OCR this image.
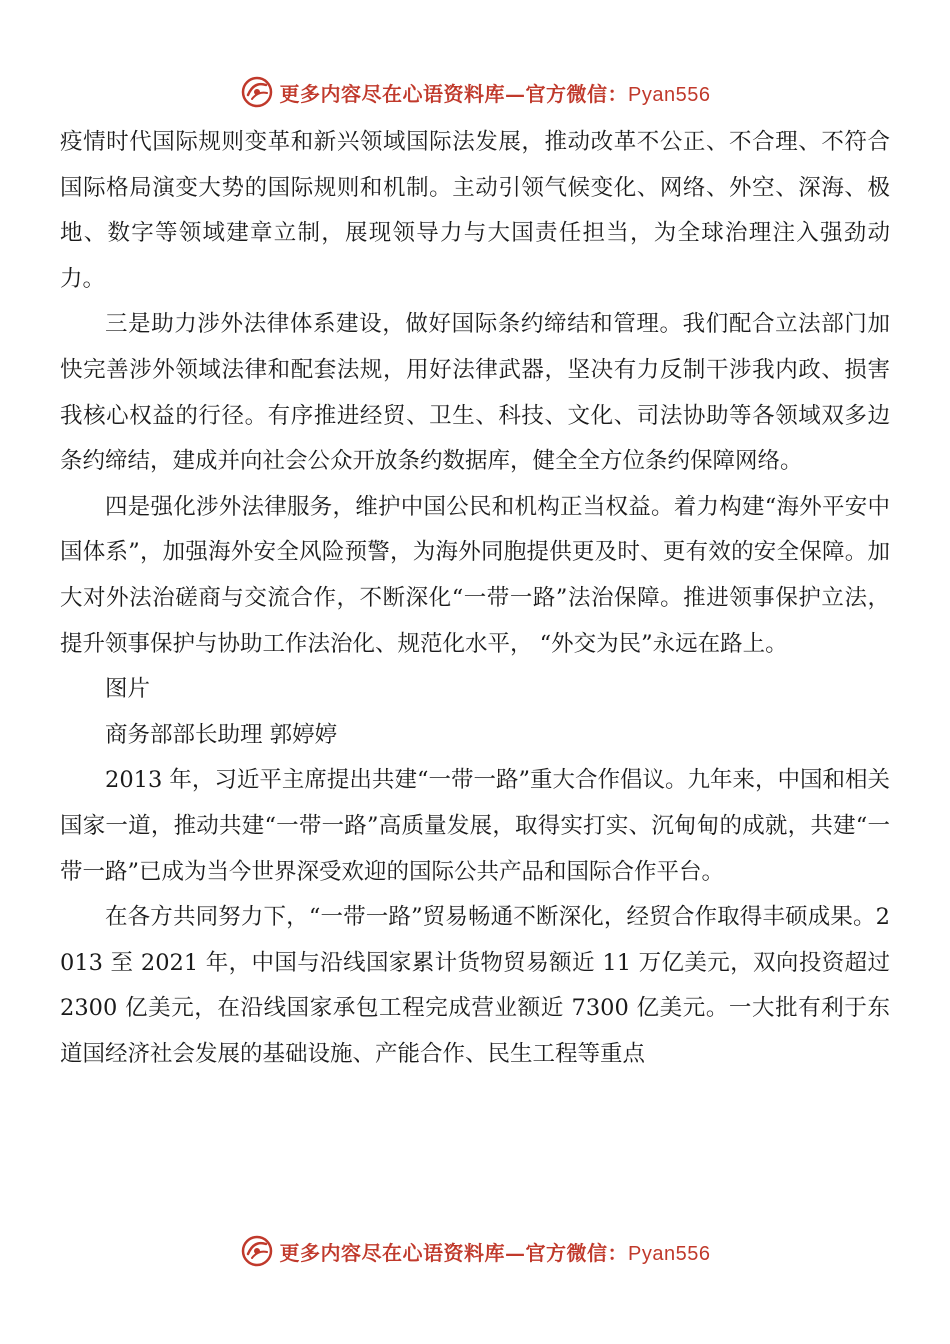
更多内容尽在心语资料库—官方微信：Pyan556

疫情时代国际规则变革和新兴领域国际法发展，推动改革不公正、不合理、不符合国际格局演变大势的国际规则和机制。主动引领气候变化、网络、外空、深海、极地、数字等领域建章立制，展现领导力与大国责任担当，为全球治理注入强劲动力。

三是助力涉外法律体系建设，做好国际条约缔结和管理。我们配合立法部门加快完善涉外领域法律和配套法规，用好法律武器，坚决有力反制干涉我内政、损害我核心权益的行径。有序推进经贸、卫生、科技、文化、司法协助等各领域双多边条约缔结，建成并向社会公众开放条约数据库，健全全方位条约保障网络。

四是强化涉外法律服务，维护中国公民和机构正当权益。着力构建“海外平安中国体系”，加强海外安全风险预警，为海外同胞提供更及时、更有效的安全保障。加大对外法治磋商与交流合作，不断深化“一带一路”法治保障。推进领事保护立法，提升领事保护与协助工作法治化、规范化水平， “外交为民”永远在路上。

图片

商务部部长助理 郭婷婷

2013 年，习近平主席提出共建“一带一路”重大合作倡议。九年来，中国和相关国家一道，推动共建“一带一路”高质量发展，取得实打实、沉甸甸的成就，共建“一带一路”已成为当今世界深受欢迎的国际公共产品和国际合作平台。

在各方共同努力下，“一带一路”贸易畅通不断深化，经贸合作取得丰硕成果。2013 至 2021 年，中国与沿线国家累计货物贸易额近 11 万亿美元，双向投资超过 2300 亿美元，在沿线国家承包工程完成营业额近 7300 亿美元。一大批有利于东道国经济社会发展的基础设施、产能合作、民生工程等重点

更多内容尽在心语资料库—官方微信：Pyan556
